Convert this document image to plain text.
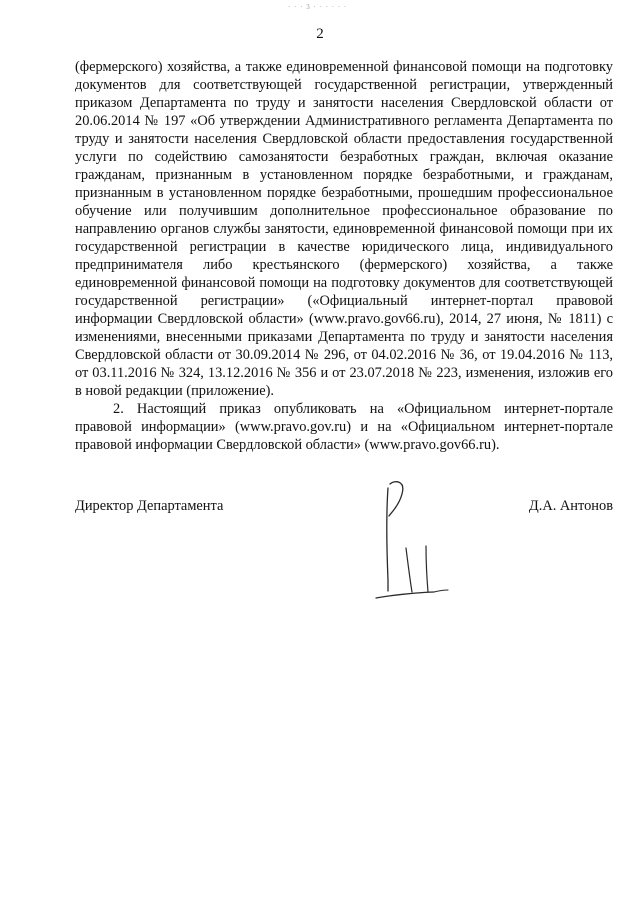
· · · 3 · · · · · ·
2

(фермерского) хозяйства, а также единовременной финансовой помощи на подготовку документов для соответствующей государственной регистрации, утвержденный приказом Департамента по труду и занятости населения Свердловской области от 20.06.2014 № 197 «Об утверждении Административного регламента Департамента по труду и занятости населения Свердловской области предоставления государственной услуги по содействию самозанятости безработных граждан, включая оказание гражданам, признанным в установленном порядке безработными, и гражданам, признанным в установленном порядке безработными, прошедшим профессиональное обучение или получившим дополнительное профессиональное образование по направлению органов службы занятости, единовременной финансовой помощи при их государственной регистрации в качестве юридического лица, индивидуального предпринимателя либо крестьянского (фермерского) хозяйства, а также единовременной финансовой помощи на подготовку документов для соответствующей государственной регистрации» («Официальный интернет-портал правовой информации Свердловской области» (www.pravo.gov66.ru), 2014, 27 июня, № 1811) с изменениями, внесенными приказами Департамента по труду и занятости населения Свердловской области от 30.09.2014 № 296, от 04.02.2016 № 36, от 19.04.2016 № 113, от 03.11.2016 № 324, 13.12.2016 № 356 и от 23.07.2018 № 223, изменения, изложив его в новой редакции (приложение).

2. Настоящий приказ опубликовать на «Официальном интернет-портале правовой информации» (www.pravo.gov.ru) и на «Официальном интернет-портале правовой информации Свердловской области» (www.pravo.gov66.ru).

Директор Департамента	Д.А. Антонов
